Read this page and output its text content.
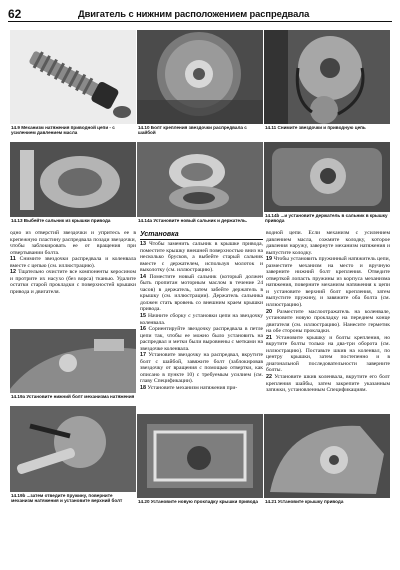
62	Двигатель с нижним расположением распредвала
14.9 Механизм натяжения приводной цепи - с усилением давлением масла
14.10 Болт крепления звездочки распредвала с шайбой
14.11 Снимите звездочки и приводную цепь
14.13 Выбейте сальник из крышки привода	14.14а Установите новый сальник и держатель.
14.14b ...и установите держатель в сальник в крышку привода

одно из отверстий звездочки и упритесь ее в крепежную пластину распредвала позади звездочки, чтобы заблокировать ее от вращения при отвертывании болта.

11 Снимите звездочки распредвала и коленвала вместе с цепью (см. иллюстрацию).

12 Тщательно очистите все компоненты керосином и протрите их насухо (без ворса) тканью. Удалите остатки старой прокладки с поверхностей крышки привода и двигателя.

14.19а Установите нижний болт механизма натяжения
14.19b ...затем отведите пружину, поверните механизм натяжения и установите верхний болт
Установка

13 Чтобы заменить сальник в крышке привода, поместите крышку внешней поверхностью вниз на несколько брусков, а выбейте старый сальник вместе с держателем, используя молоток и выколотку (см. иллюстрацию).

14 Поместите новый сальник (который должен быть пропитан моторным маслом в течение 24 часов) в держатель, затем забейте держатель в крышку (см. иллюстрации). Держатель сальника должен стать вровень со внешним краем крышки привода.

15 Начните сборку с установки цепи на звездочку коленвала.

16 Сориентируйте звездочку распредвала в петле цепи так, чтобы ее можно было установить на распредвал и метки были выровнены с метками на звездочке коленвала.

17 Установите звездочку на распредвал, вкрутите болт с шайбой, завяжите болт (заблокировав звездочку от вращения с помощью отвертки, как описано в пункте 10) с требуемым усилием (см. главу Спецификации).

18 Установите механизм натяжения при-

водной цепи. Если механизм с усилением давлением масла, сожмите колодку, которое давления наружу, завернуте механизм натяжения и выпустите колодку.

19 Чтобы установить пружинный натяжитель цепи, разместите механизм на место и вручную заверните нижний болт крепления. Отведите отверткой лопасть пружины из корпуса механизма натяжения, поверните механизм натяжения к цепи и установите верхний болт крепления, затем выпустите пружину, и завяжите оба болта (см. иллюстрацию).

20 Разместите маслоотражатель на коленвале, установите новую прокладку на переднем конце двигателя (см. иллюстрацию). Нанесите герметик на обе стороны прокладки.

21 Установите крышку и болты крепления, но вкрутите болты только на два-три оборота (см. иллюстрацию). Поставьте шкив на коленвал, по центру крышки, затем постепенно и в диагональной последовательности заверните болты.

22 Установите шкив коленвала, вкрутите его болт крепления шайбы, затем закрепите указанным затяжки, установленным Спецификациям.

14.20 Установите новую прокладку крышки привода	14.21 Установите крышку привода
